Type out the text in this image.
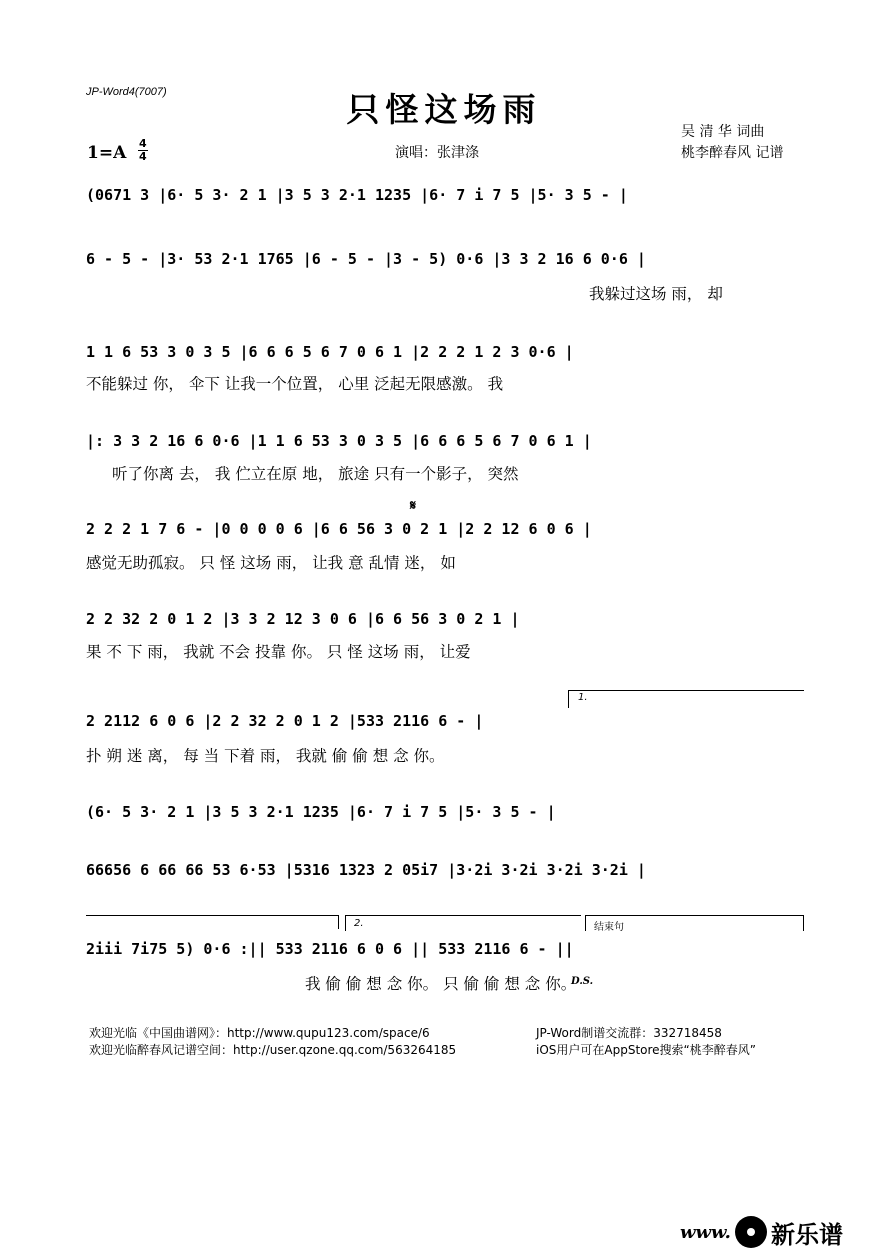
JP-Word4(7007)	只怪这场雨
吴 清 华 词曲
桃李醉春风 记谱
演唱：张津涤
1=A 4
4
(0671 3 |6· 5 3· 2 1 |3 5 3 2·1 1235 |6· 7 i 7 5 |5· 3 5 - |
6 - 5 - |3· 53 2·1 1765 |6 - 5 - |3 - 5) 0·6 |3 3 2 16 6 0·6 |
我躲过这场 雨， 却
1 1 6 53 3 0 3 5 |6 6 6 5 6 7 0 6 1 |2 2 2 1 2 3 0·6 |
不能躲过 你， 伞下 让我一个位置， 心里 泛起无限感激。 我
|: 3 3 2 16 6 0·6 |1 1 6 53 3 0 3 5 |6 6 6 5 6 7 0 6 1 |
听了你离 去， 我 伫立在原 地， 旅途 只有一个影子， 突然
𝄋
2 2 2 1 7 6 - |0 0 0 0 6 |6 6 56 3 0 2 1 |2 2 12 6 0 6 |
感觉无助孤寂。 只 怪 这场 雨， 让我 意 乱情 迷， 如
2 2 32 2 0 1 2 |3 3 2 12 3 0 6 |6 6 56 3 0 2 1 |
果 不 下 雨， 我就 不会 投靠 你。 只 怪 这场 雨， 让爱
1.
2 2112 6 0 6 |2 2 32 2 0 1 2 |533 2116 6 - |
扑 朔 迷 离， 每 当 下着 雨， 我就 偷 偷 想 念 你。
(6· 5 3· 2 1 |3 5 3 2·1 1235 |6· 7 i 7 5 |5· 3 5 - |
66656 6 66 66 53 6·53 |5316 1323 2 05i7 |3·2i 3·2i 3·2i 3·2i |
2.	结束句
2iii 7i75 5) 0·6 :|| 533 2116 6 0 6 || 533 2116 6 - ||
我 偷 偷 想 念 你。 只 偷 偷 想 念 你。
D.S.
欢迎光临《中国曲谱网》：http://www.qupu123.com/space/6
欢迎光临醉春风记谱空间：http://user.qzone.qq.com/563264185
JP-Word制谱交流群：332718458
iOS用户可在AppStore搜索“桃李醉春风”
www. 新乐谱
